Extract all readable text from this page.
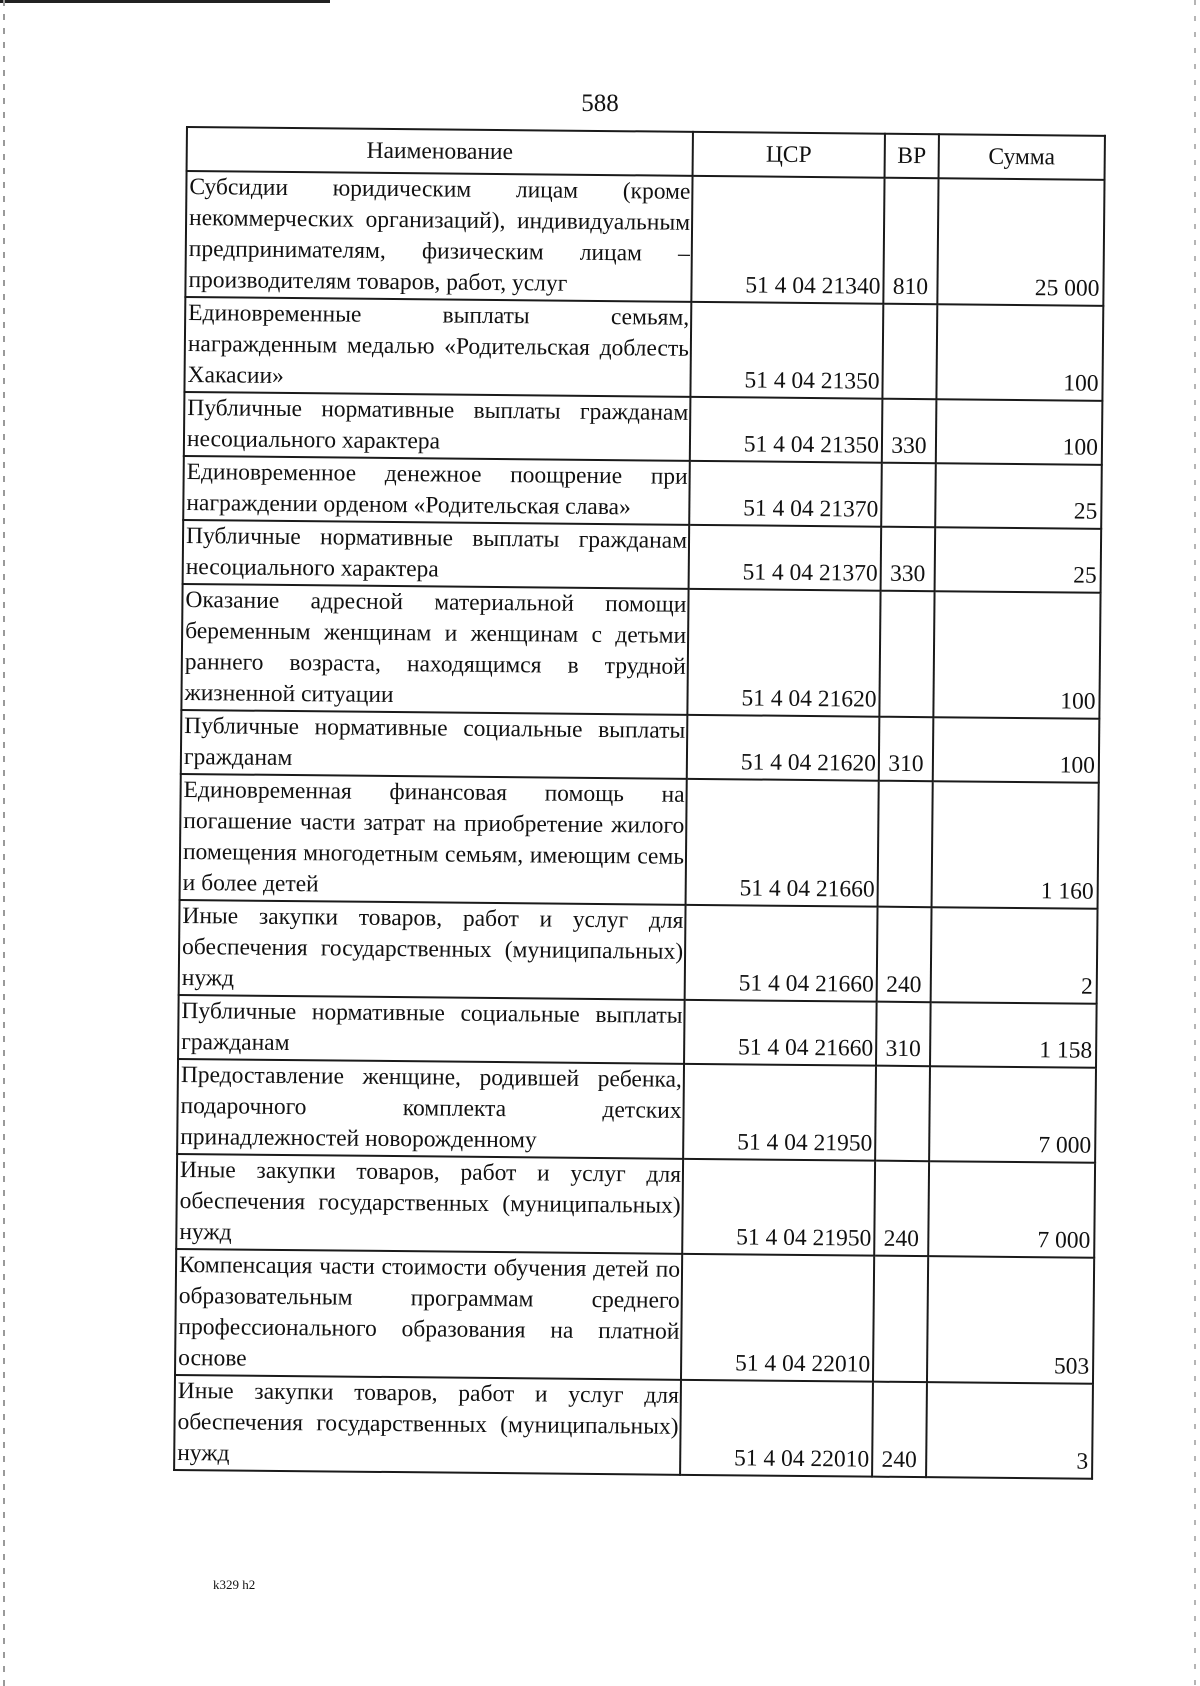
588
Наименование	ЦСР	ВР	Сумма
Субсидии юридическим лицам (кроме некоммерческих организаций), индивидуальным предпринимателям, физическим лицам – производителям товаров, работ, услуг	51 4 04 21340	810	25 000
Единовременные выплаты семьям, награжденным медалью «Родительская доблесть Хакасии»	51 4 04 21350		100
Публичные нормативные выплаты гражданам несоциального характера	51 4 04 21350	330	100
Единовременное денежное поощрение при награждении орденом «Родительская слава»	51 4 04 21370		25
Публичные нормативные выплаты гражданам несоциального характера	51 4 04 21370	330	25
Оказание адресной материальной помощи беременным женщинам и женщинам с детьми раннего возраста, находящимся в трудной жизненной ситуации	51 4 04 21620		100
Публичные нормативные социальные выплаты гражданам	51 4 04 21620	310	100
Единовременная финансовая помощь на погашение части затрат на приобретение жилого помещения многодетным семьям, имеющим семь и более детей	51 4 04 21660		1 160
Иные закупки товаров, работ и услуг для обеспечения государственных (муниципальных) нужд	51 4 04 21660	240	2
Публичные нормативные социальные выплаты гражданам	51 4 04 21660	310	1 158
Предоставление женщине, родившей ребенка, подарочного комплекта детских принадлежностей новорожденному	51 4 04 21950		7 000
Иные закупки товаров, работ и услуг для обеспечения государственных (муниципальных) нужд	51 4 04 21950	240	7 000
Компенсация части стоимости обучения детей по образовательным программам среднего профессионального образования на платной основе	51 4 04 22010		503
Иные закупки товаров, работ и услуг для обеспечения государственных (муниципальных) нужд	51 4 04 22010	240	3
k329 h2
